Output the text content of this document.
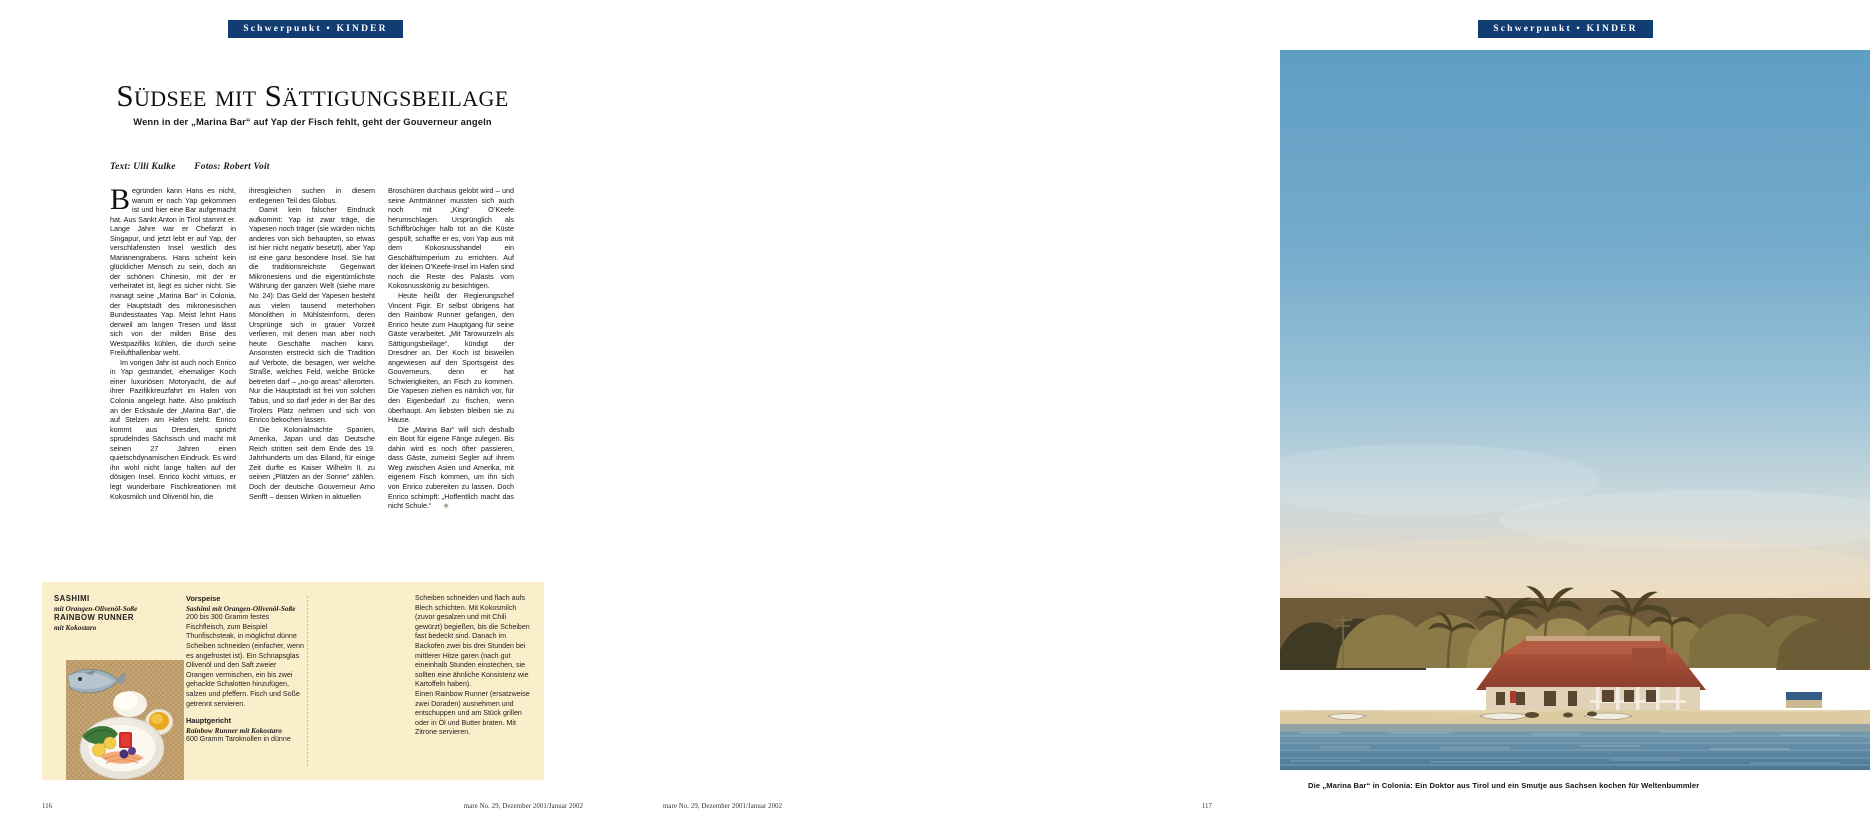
Schwerpunkt • KINDER
Südsee mit Sättigungsbeilage
Wenn in der „Marina Bar“ auf Yap der Fisch fehlt, geht der Gouverneur angeln
Text: Ulli Kulke Fotos: Robert Voit

Begründen kann Hans es nicht, warum er nach Yap gekommen ist und hier eine Bar aufgemacht hat. Aus Sankt Anton in Tirol stammt er. Lange Jahre war er Chefarzt in Singapur, und jetzt lebt er auf Yap, der verschlafensten Insel westlich des Marianengrabens. Hans scheint kein glücklicher Mensch zu sein, doch an der schönen Chinesin, mit der er verheiratet ist, liegt es sicher nicht. Sie managt seine „Marina Bar“ in Colonia, der Hauptstadt des mikronesischen Bundesstaates Yap. Meist lehnt Hans derweil am langen Tresen und lässt sich von der milden Brise des Westpazifiks kühlen, die durch seine Freilufthallenbar weht.

Im vorigen Jahr ist auch noch Enrico in Yap gestrandet, ehemaliger Koch einer luxuriösen Motoryacht, die auf ihrer Pazifikkreuzfahrt im Hafen von Colonia angelegt hatte. Also praktisch an der Ecksäule der „Marina Bar“, die auf Stelzen am Hafen steht. Enrico kommt aus Dresden, spricht sprudelndes Sächsisch und macht mit seinen 27 Jahren einen quietschdynamischen Eindruck. Es wird ihn wohl nicht lange halten auf der dösigen Insel. Enrico kocht virtuos, er legt wunderbare Fischkreationen mit Kokosmilch und Olivenöl hin, die

ihresgleichen suchen in diesem entlegenen Teil des Globus.

Damit kein falscher Eindruck aufkommt: Yap ist zwar träge, die Yapesen noch träger (sie würden nichts anderes von sich behaupten, so etwas ist hier nicht negativ besetzt), aber Yap ist eine ganz besondere Insel. Sie hat die traditionsreichste Gegenwart Mikronesiens und die eigentümlichste Währung der ganzen Welt (siehe mare No. 24): Das Geld der Yapesen besteht aus vielen tausend meterhohen Monolithen in Mühlsteinform, deren Ursprünge sich in grauer Vorzeit verlieren, mit denen man aber noch heute Geschäfte machen kann. Ansonsten erstreckt sich die Tradition auf Verbote, die besagen, wer welche Straße, welches Feld, welche Brücke betreten darf – „no-go areas“ allerorten. Nur die Hauptstadt ist frei von solchen Tabus, und so darf jeder in der Bar des Tirolers Platz nehmen und sich von Enrico bekochen lassen.

Die Kolonialmächte Spanien, Amerika, Japan und das Deutsche Reich stritten seit dem Ende des 19. Jahrhunderts um das Eiland, für einige Zeit durfte es Kaiser Wilhelm II. zu seinen „Plätzen an der Sonne“ zählen. Doch der deutsche Gouverneur Arno Senfft – dessen Wirken in aktuellen

Broschüren durchaus gelobt wird – und seine Amtmänner mussten sich auch noch mit „King“ O’Keefe herumschlagen. Ursprünglich als Schiffbrüchiger halb tot an die Küste gespült, schaffte er es, von Yap aus mit dem Kokosnusshandel ein Geschäftsimperium zu errichten. Auf der kleinen O’Keefe-Insel im Hafen sind noch die Reste des Palasts vom Kokosnusskönig zu besichtigen.

Heute heißt der Regierungschef Vincent Figir. Er selbst übrigens hat den Rainbow Runner gefangen, den Enrico heute zum Hauptgang für seine Gäste verarbeitet. „Mit Tarowurzeln als Sättigungsbeilage“, kündigt der Dresdner an. Der Koch ist bisweilen angewiesen auf den Sportsgeist des Gouverneurs, denn er hat Schwierigkeiten, an Fisch zu kommen. Die Yapesen ziehen es nämlich vor, für den Eigenbedarf zu fischen, wenn überhaupt. Am liebsten bleiben sie zu Hause.

Die „Marina Bar“ will sich deshalb ein Boot für eigene Fänge zulegen. Bis dahin wird es noch öfter passieren, dass Gäste, zumeist Segler auf ihrem Weg zwischen Asien und Amerika, mit eigenem Fisch kommen, um ihn sich von Enrico zubereiten zu lassen. Doch Enrico schimpft: „Hoffentlich macht das nicht Schule.“ ⎈

SASHIMI
mit Orangen-Olivenöl-Soße
RAINBOW RUNNER
mit Kokostaro
Vorspeise
Sashimi mit Orangen-Olivenöl-Soße
200 bis 300 Gramm festes Fischfleisch, zum Beispiel Thunfischsteak, in möglichst dünne Scheiben schneiden (einfacher, wenn es angefrostet ist). Ein Schnapsglas Olivenöl und den Saft zweier Orangen vermischen, ein bis zwei gehackte Schalotten hinzufügen, salzen und pfeffern. Fisch und Soße getrennt servieren.
Hauptgericht
Rainbow Runner mit Kokostaro
600 Gramm Taroknollen in dünne
Scheiben schneiden und flach aufs Blech schichten. Mit Kokosmilch (zuvor gesalzen und mit Chili gewürzt) begießen, bis die Scheiben fast bedeckt sind. Danach im Backofen zwei bis drei Stunden bei mittlerer Hitze garen (nach gut eineinhalb Stunden einstechen, sie sollten eine ähnliche Konsistenz wie Kartoffeln haben).
Einen Rainbow Runner (ersatzweise zwei Doraden) ausnehmen und entschuppen und am Stück grillen oder in Öl und Butter braten. Mit Zitrone servieren.
116	mare No. 29, Dezember 2001/Januar 2002
Schwerpunkt • KINDER
Die „Marina Bar“ in Colonia: Ein Doktor aus Tirol und ein Smutje aus Sachsen kochen für Weltenbummler
mare No. 29, Dezember 2001/Januar 2002	117
